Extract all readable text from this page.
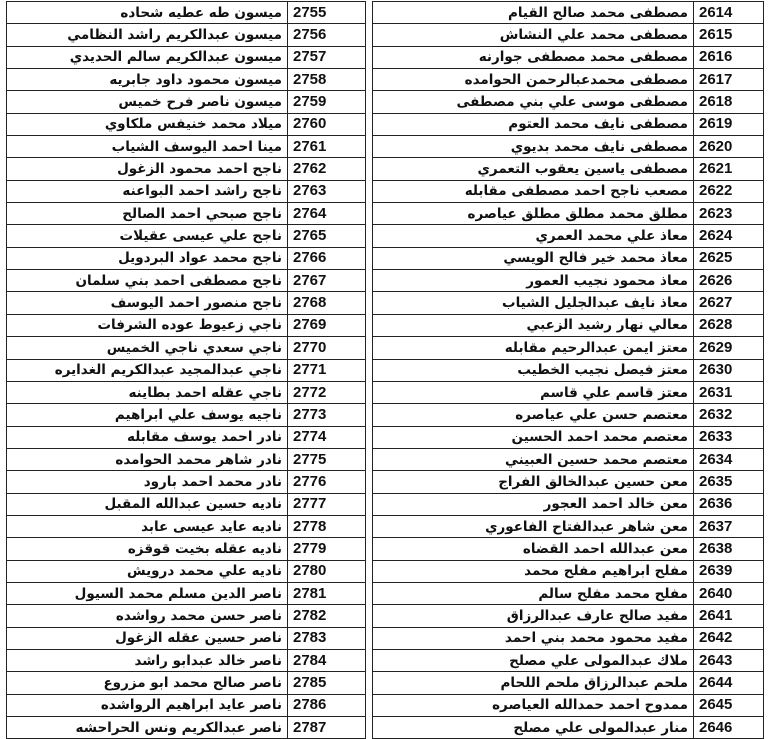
ميسون طه عطيه شحاده	2755
ميسون عبدالكريم راشد النظامي	2756
ميسون عبدالكريم سالم الحديدي	2757
ميسون محمود داود جابريه	2758
ميسون ناصر فرح خميس	2759
ميلاد محمد خنيفس ملكاوي	2760
مينا احمد اليوسف الشياب	2761
ناجح احمد محمود الزغول	2762
ناجح راشد احمد البواعنه	2763
ناجح صبحي احمد الصالح	2764
ناجح علي عيسى عقيلات	2765
ناجح محمد عواد البردويل	2766
ناجح مصطفى احمد بني سلمان	2767
ناجح منصور احمد اليوسف	2768
ناجي زعيوط عوده الشرفات	2769
ناجي سعدي ناجي الخميس	2770
ناجي عبدالمجيد عبدالكريم الغدايره	2771
ناجي عقله احمد بطاينه	2772
ناجيه يوسف علي ابراهيم	2773
نادر احمد يوسف مقابله	2774
نادر شاهر محمد الحوامده	2775
نادر محمد احمد بارود	2776
ناديه حسين عبدالله المقبل	2777
ناديه عايد عيسى عابد	2778
ناديه عقله بخيت قوقزه	2779
ناديه علي محمد درويش	2780
ناصر الدين مسلم محمد السيول	2781
ناصر حسن محمد رواشده	2782
ناصر حسين عقله الزغول	2783
ناصر خالد عبدابو راشد	2784
ناصر صالح محمد ابو مزروع	2785
ناصر عايد ابراهيم الرواشده	2786
ناصر عبدالكريم ونس الحراحشه	2787
مصطفى محمد صالح القيام	2614
مصطفى محمد علي النشاش	2615
مصطفى محمد مصطفى جوارنه	2616
مصطفى محمدعبالرحمن الحوامده	2617
مصطفى موسى علي بني مصطفى	2618
مصطفى نايف محمد العتوم	2619
مصطفى نايف محمد بديوي	2620
مصطفى ياسين يعقوب التعمري	2621
مصعب ناجح احمد مصطفى مقابله	2622
مطلق محمد مطلق مطلق عياصره	2623
معاذ علي محمد العمري	2624
معاذ محمد خير فالح الويسي	2625
معاذ محمود نجيب العمور	2626
معاذ نايف عبدالجليل الشياب	2627
معالي نهار رشيد الزعبي	2628
معتز ايمن عبدالرحيم مقابله	2629
معتز فيصل نجيب الخطيب	2630
معتز قاسم علي قاسم	2631
معتصم حسن علي عياصره	2632
معتصم محمد احمد الحسين	2633
معتصم محمد حسين العبيني	2634
معن حسين عبدالخالق الفراج	2635
معن خالد احمد العجور	2636
معن شاهر عبدالفتاح الفاعوري	2637
معن عبدالله احمد القضاه	2638
مفلح ابراهيم مفلح محمد	2639
مفلح محمد مفلح سالم	2640
مفيد صالح عارف عبدالرزاق	2641
مفيد محمود محمد بني احمد	2642
ملاك عبدالمولى علي مصلح	2643
ملحم عبدالرزاق ملحم اللحام	2644
ممدوح احمد حمدالله العياصره	2645
منار عبدالمولى علي مصلح	2646
